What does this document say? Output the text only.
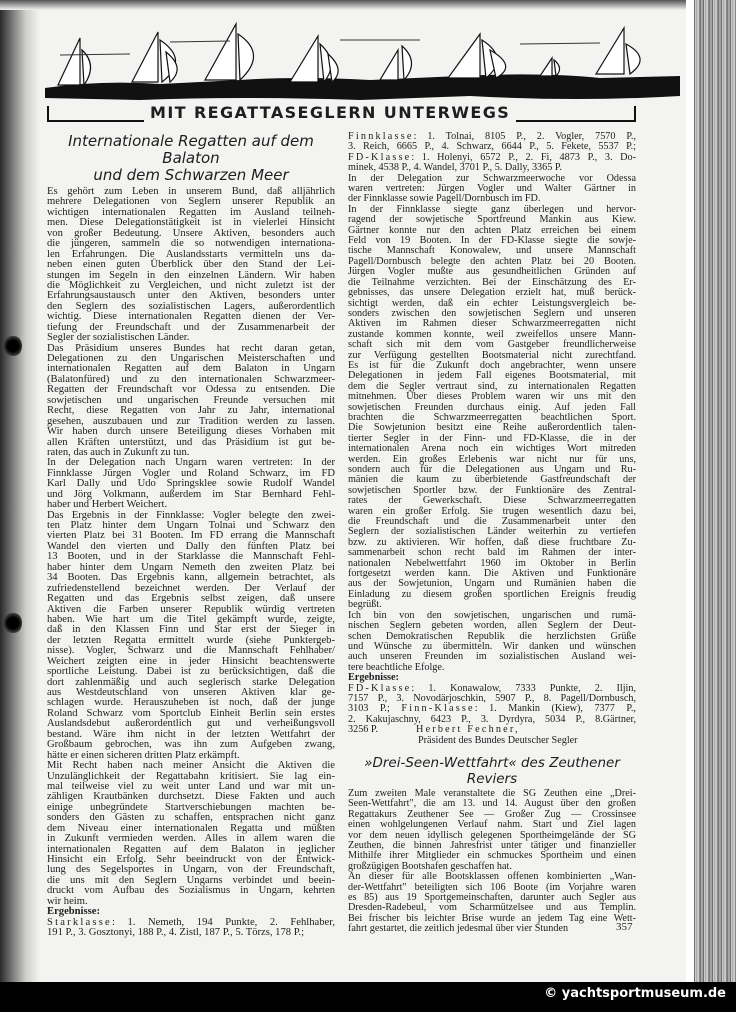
MIT REGATTASEGLERN UNTERWEGS
Internationale Regatten auf dem Balaton
und dem Schwarzen Meer
Es gehört zum Leben in unserem Bund, daß alljährlich
mehrere Delegationen von Seglern unserer Republik an
wichtigen internationalen Regatten im Ausland teilneh-
men. Diese Delegationstätigkeit ist in vielerlei Hinsicht
von großer Bedeutung. Unsere Aktiven, besonders auch
die jüngeren, sammeln die so notwendigen internationa-
len Erfahrungen. Die Auslandsstarts vermitteln uns da-
neben einen guten Überblick über den Stand der Lei-
stungen im Segeln in den einzelnen Ländern. Wir haben
die Möglichkeit zu Vergleichen, und nicht zuletzt ist der
Erfahrungsaustausch unter den Aktiven, besonders unter
den Seglern des sozialistischen Lagers, außerordentlich
wichtig. Diese internationalen Regatten dienen der Ver-
tiefung der Freundschaft und der Zusammenarbeit der
Segler der sozialistischen Länder.
Das Präsidium unseres Bundes hat recht daran getan,
Delegationen zu den Ungarischen Meisterschaften und
internationalen Regatten auf dem Balaton in Ungarn
(Balatonfüred) und zu den internationalen Schwarzmeer-
Regatten der Freundschaft vor Odessa zu entsenden. Die
sowjetischen und ungarischen Freunde versuchen mit
Recht, diese Regatten von Jahr zu Jahr, international
gesehen, auszubauen und zur Tradition werden zu lassen.
Wir haben durch unsere Beteiligung dieses Vorhaben mit
allen Kräften unterstützt, und das Präsidium ist gut be-
raten, das auch in Zukunft zu tun.
In der Delegation nach Ungarn waren vertreten: In der
Finnklasse Jürgen Vogler und Roland Schwarz, im FD
Karl Dally und Udo Springsklee sowie Rudolf Wandel
und Jörg Volkmann, außerdem im Star Bernhard Fehl-
haber und Herbert Weichert.
Das Ergebnis in der Finnklasse: Vogler belegte den zwei-
ten Platz hinter dem Ungarn Tolnai und Schwarz den
vierten Platz bei 31 Booten. Im FD errang die Mannschaft
Wandel den vierten und Dally den fünften Platz bei
13 Booten, und in der Starklasse die Mannschaft Fehl-
haber hinter dem Ungarn Nemeth den zweiten Platz bei
34 Booten. Das Ergebnis kann, allgemein betrachtet, als
zufriedenstellend bezeichnet werden. Der Verlauf der
Regatten und das Ergebnis selbst zeigen, daß unsere
Aktiven die Farben unserer Republik würdig vertreten
haben. Wie hart um die Titel gekämpft wurde, zeigte,
daß in den Klassen Finn und Star erst der Sieger in
der letzten Regatta ermittelt wurde (siehe Punktergeb-
nisse). Vogler, Schwarz und die Mannschaft Fehlhaber/
Weichert zeigten eine in jeder Hinsicht beachtenswerte
sportliche Leistung. Dabei ist zu berücksichtigen, daß die
dort zahlenmäßig und auch seglerisch starke Delegation
aus Westdeutschland von unseren Aktiven klar ge-
schlagen wurde. Herauszuheben ist noch, daß der junge
Roland Schwarz vom Sportclub Einheit Berlin sein erstes
Auslandsdebut außerordentlich gut und verheißungsvoll
bestand. Wäre ihm nicht in der letzten Wettfahrt der
Großbaum gebrochen, was ihn zum Aufgeben zwang,
hätte er einen sicheren dritten Platz erkämpft.
Mit Recht haben nach meiner Ansicht die Aktiven die
Unzulänglichkeit der Regattabahn kritisiert. Sie lag ein-
mal teilweise viel zu weit unter Land und war mit un-
zähligen Krautbänken durchsetzt. Diese Fakten und auch
einige unbegründete Startverschiebungen machten be-
sonders den Gästen zu schaffen, entsprachen nicht ganz
dem Niveau einer internationalen Regatta und müßten
in Zukunft vermieden werden. Alles in allem waren die
internationalen Regatten auf dem Balaton in jeglicher
Hinsicht ein Erfolg. Sehr beeindruckt von der Entwick-
lung des Segelsportes in Ungarn, von der Freundschaft,
die uns mit den Seglern Ungarns verbindet und beein-
druckt vom Aufbau des Sozialismus in Ungarn, kehrten
wir heim.
Ergebnisse:
Starklasse: 1. Nemeth, 194 Punkte, 2. Fehlhaber,
191 P., 3. Gosztonyi, 188 P., 4. Zistl, 187 P., 5. Törzs, 178 P.;
Finnklasse: 1. Tolnai, 8105 P., 2. Vogler, 7570 P.,
3. Reich, 6665 P., 4. Schwarz, 6644 P., 5. Fekete, 5537 P.;
FD-Klasse: 1. Holenyi, 6572 P., 2. Fi, 4873 P., 3. Do-
minek, 4538 P., 4. Wandel, 3701 P., 5. Dally, 3365 P.
In der Delegation zur Schwarzmeerwoche vor Odessa
waren vertreten: Jürgen Vogler und Walter Gärtner in
der Finnklasse sowie Pagell/Dornbusch im FD.
In der Finnklasse siegte ganz überlegen und hervor-
ragend der sowjetische Sportfreund Mankin aus Kiew.
Gärtner konnte nur den achten Platz erreichen bei einem
Feld von 19 Booten. In der FD-Klasse siegte die sowje-
tische Mannschaft Konowalew, und unsere Mannschaft
Pagell/Dornbusch belegte den achten Platz bei 20 Booten.
Jürgen Vogler mußte aus gesundheitlichen Gründen auf
die Teilnahme verzichten. Bei der Einschätzung des Er-
gebnisses, das unsere Delegation erzielt hat, muß berück-
sichtigt werden, daß ein echter Leistungsvergleich be-
sonders zwischen den sowjetischen Seglern und unseren
Aktiven im Rahmen dieser Schwarzmeerregatten nicht
zustande kommen konnte, weil zweifellos unsere Mann-
schaft sich mit dem vom Gastgeber freundlicherweise
zur Verfügung gestellten Bootsmaterial nicht zurechtfand.
Es ist für die Zukunft doch angebrachter, wenn unsere
Delegationen in jedem Fall eigenes Bootsmaterial, mit
dem die Segler vertraut sind, zu internationalen Regatten
mitnehmen. Über dieses Problem waren wir uns mit den
sowjetischen Freunden durchaus einig. Auf jeden Fall
brachten die Schwarzmeerregatten beachtlichen Sport.
Die Sowjetunion besitzt eine Reihe außerordentlich talen-
tierter Segler in der Finn- und FD-Klasse, die in der
internationalen Arena noch ein wichtiges Wort mitreden
werden. Ein großes Erlebenis war nicht nur für uns,
sondern auch für die Delegationen aus Ungarn und Ru-
mänien die kaum zu überbietende Gastfreundschaft der
sowjetischen Sportler bzw. der Funktionäre des Zentral-
rates der Gewerkschaft. Diese Schwarzmeerregatten
waren ein großer Erfolg. Sie trugen wesentlich dazu bei,
die Freundschaft und die Zusammenarbeit unter den
Seglern der sozialistischen Länder weiterhin zu vertiefen
bzw. zu aktivieren. Wir hoffen, daß diese fruchtbare Zu-
sammenarbeit schon recht bald im Rahmen der inter-
nationalen Nebelwettfahrt 1960 im Oktober in Berlin
fortgesetzt werden kann. Die Aktiven und Funktionäre
aus der Sowjetunion, Ungarn und Rumänien haben die
Einladung zu diesem großen sportlichen Ereignis freudig
begrüßt.
Ich bin von den sowjetischen, ungarischen und rumä-
nischen Seglern gebeten worden, allen Seglern der Deut-
schen Demokratischen Republik die herzlichsten Grüße
und Wünsche zu übermitteln. Wir danken und wünschen
auch unseren Freunden im sozialistischen Ausland wei-
tere beachtliche Efolge.
Ergebnisse:
FD-Klasse: 1. Konawalow, 7333 Punkte, 2. Iljin,
7157 P., 3. Novodärjoschkin, 5907 P., 8. Pagell/Dornbusch,
3103 P.; Finn-Klasse: 1. Mankin (Kiew), 7377 P.,
2. Kakujaschny, 6423 P., 3. Dyrdyra, 5034 P., 8.Gärtner,
3256 P.	Herbert Fechner,
Präsident des Bundes Deutscher Segler
»Drei-Seen-Wettfahrt« des Zeuthener Reviers
Zum zweiten Male veranstaltete die SG Zeuthen eine „Drei-
Seen-Wettfahrt", die am 13. und 14. August über den großen
Regattakurs Zeuthener See — Großer Zug — Crossinsee
einen wohlgelungenen Verlauf nahm. Start und Ziel lagen
vor dem neuen idyllisch gelegenen Sportheimgelände der SG
Zeuthen, die binnen Jahresfrist unter tätiger und finanzieller
Mithilfe ihrer Mitglieder ein schmuckes Sportheim und einen
großzügigen Bootshafen geschaffen hat.
An dieser für alle Bootsklassen offenen kombinierten „Wan-
der-Wettfahrt" beteiligten sich 106 Boote (im Vorjahre waren
es 85) aus 19 Sportgemeinschaften, darunter auch Segler aus
Dresden-Radebeul, vom Scharmützelsee und aus Templin.
Bei frischer bis leichter Brise wurde an jedem Tag eine Wett-
fahrt gestartet, die zeitlich jedesmal über vier Stunden	357
© yachtsportmuseum.de
